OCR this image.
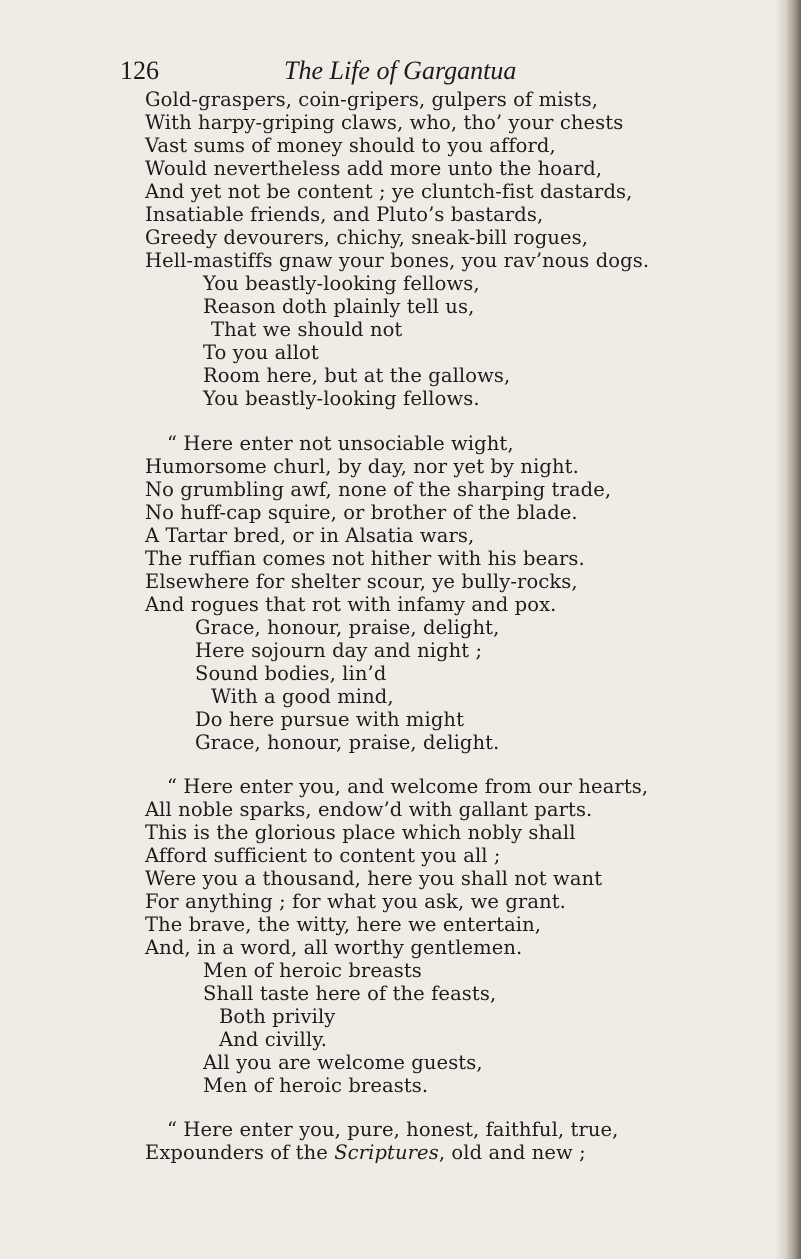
126	The Life of Gargantua
Gold-graspers, coin-gripers, gulpers of mists,
With harpy-griping claws, who, tho’ your chests
Vast sums of money should to you afford,
Would nevertheless add more unto the hoard,
And yet not be content ; ye cluntch-fist dastards,
Insatiable friends, and Pluto’s bastards,
Greedy devourers, chichy, sneak-bill rogues,
Hell-mastiffs gnaw your bones, you rav’nous dogs.
You beastly-looking fellows,
Reason doth plainly tell us,
That we should not
To you allot
Room here, but at the gallows,
You beastly-looking fellows.
“ Here enter not unsociable wight,
Humorsome churl, by day, nor yet by night.
No grumbling awf, none of the sharping trade,
No huff-cap squire, or brother of the blade.
A Tartar bred, or in Alsatia wars,
The ruffian comes not hither with his bears.
Elsewhere for shelter scour, ye bully-rocks,
And rogues that rot with infamy and pox.
Grace, honour, praise, delight,
Here sojourn day and night ;
Sound bodies, lin’d
With a good mind,
Do here pursue with might
Grace, honour, praise, delight.
“ Here enter you, and welcome from our hearts,
All noble sparks, endow’d with gallant parts.
This is the glorious place which nobly shall
Afford sufficient to content you all ;
Were you a thousand, here you shall not want
For anything ; for what you ask, we grant.
The brave, the witty, here we entertain,
And, in a word, all worthy gentlemen.
Men of heroic breasts
Shall taste here of the feasts,
Both privily
And civilly.
All you are welcome guests,
Men of heroic breasts.
“ Here enter you, pure, honest, faithful, true,
Expounders of the Scriptures, old and new ;
